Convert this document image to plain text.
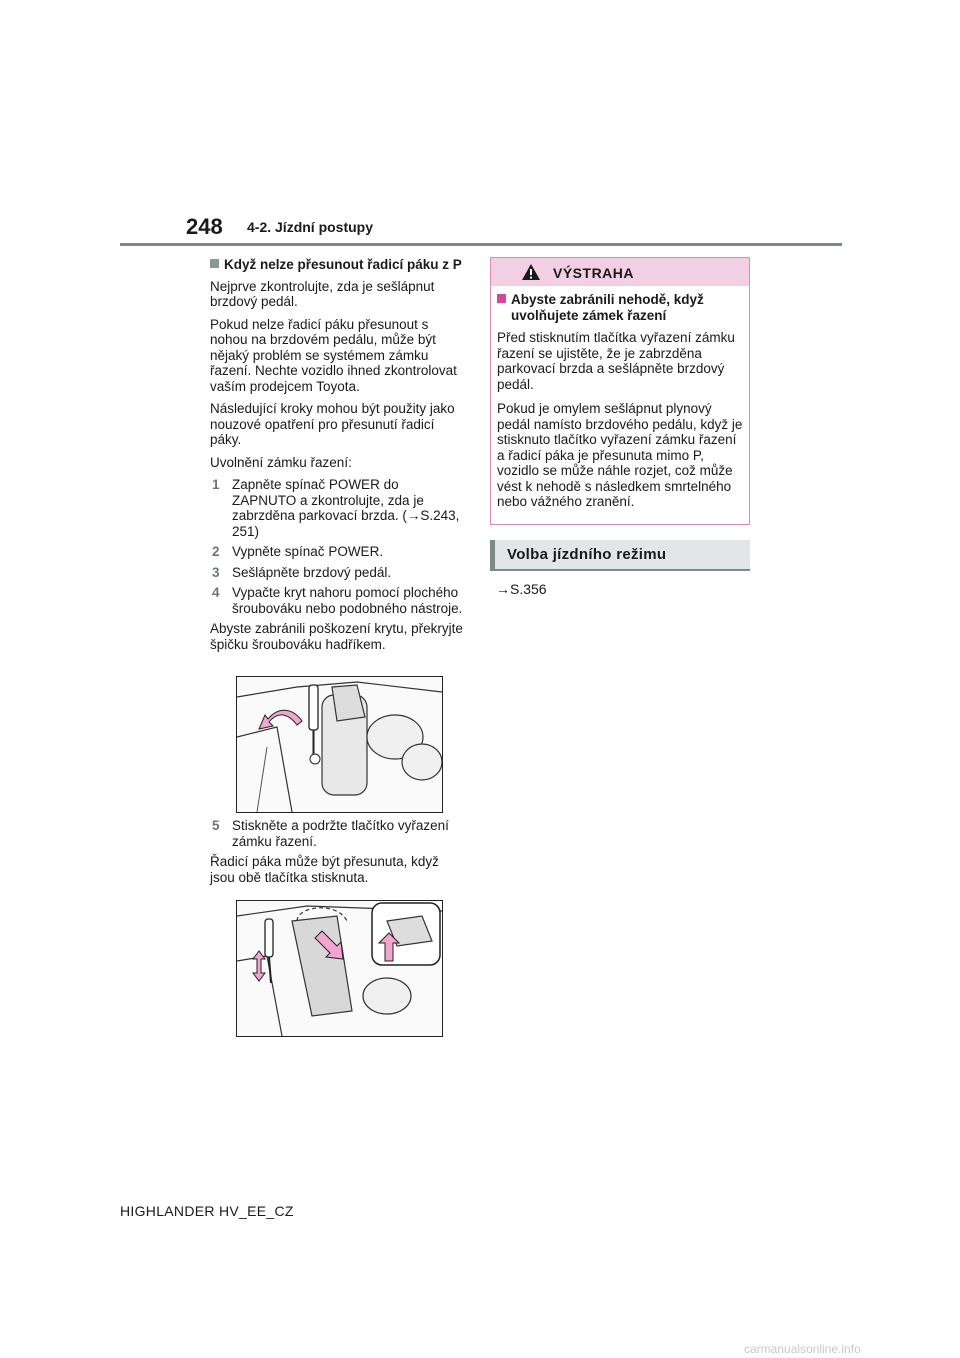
248 4-2. Jízdní postupy
Když nelze přesunout řadicí páku z P

Nejprve zkontrolujte, zda je sešlápnut brzdový pedál.

Pokud nelze řadicí páku přesunout s nohou na brzdovém pedálu, může být nějaký problém se systémem zámku řazení. Nechte vozidlo ihned zkontrolovat vaším prodejcem Toyota.

Následující kroky mohou být použity jako nouzové opatření pro přesunutí řadicí páky.

Uvolnění zámku řazení:

1 Zapněte spínač POWER do ZAPNUTO a zkontrolujte, zda je zabrzděna parkovací brzda. (→S.243, 251)
2 Vypněte spínač POWER.
3 Sešlápněte brzdový pedál.
4 Vypačte kryt nahoru pomocí plochého šroubováku nebo podobného nástroje.

Abyste zabránili poškození krytu, překryjte špičku šroubováku hadříkem.

5 Stiskněte a podržte tlačítko vyřazení zámku řazení.

Řadicí páka může být přesunuta, když jsou obě tlačítka stisknuta.

VÝSTRAHA
Abyste zabránili nehodě, když uvolňujete zámek řazení

Před stisknutím tlačítka vyřazení zámku řazení se ujistěte, že je zabrzděna parkovací brzda a sešlápněte brzdový pedál.

Pokud je omylem sešlápnut plynový pedál namísto brzdového pedálu, když je stisknuto tlačítko vyřazení zámku řazení a řadicí páka je přesunuta mimo P, vozidlo se může náhle rozjet, což může vést k nehodě s následkem smrtelného nebo vážného zranění.

Volba jízdního režimu
→S.356
HIGHLANDER HV_EE_CZ
carmanualsonline.info
